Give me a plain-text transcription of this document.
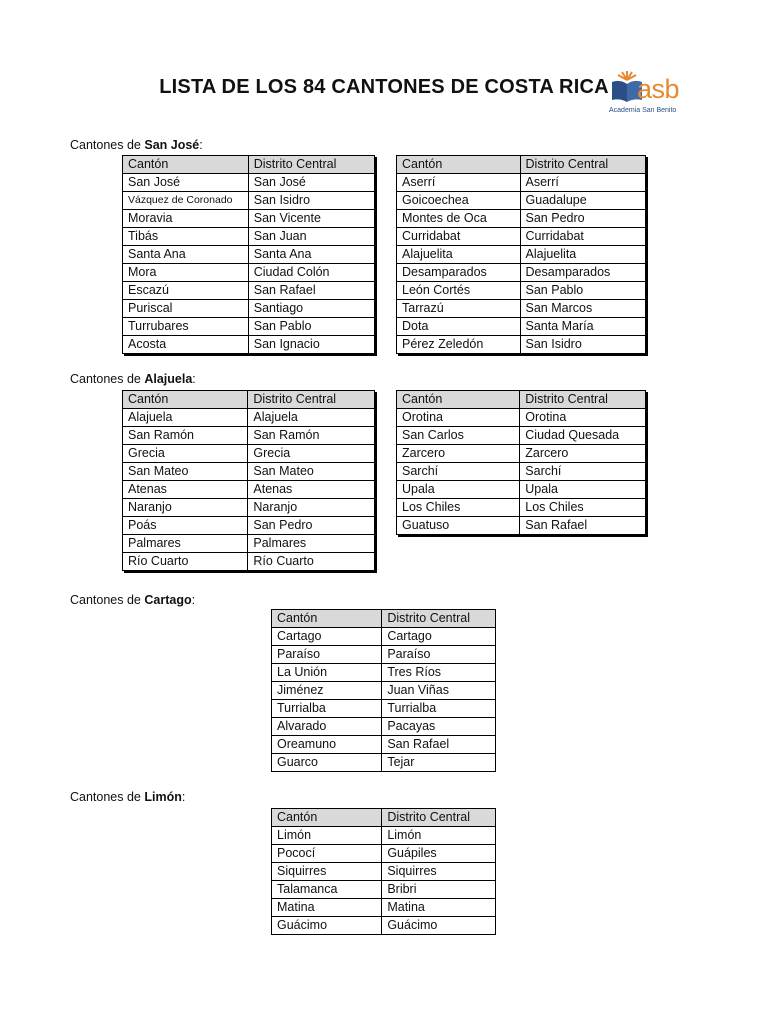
LISTA DE LOS 84 CANTONES DE COSTA RICA	asb
Academia San Benito
Cantones de San José:
Cantón	Distrito Central
San José	San José
Vázquez de Coronado	San Isidro
Moravia	San Vicente
Tibás	San Juan
Santa Ana	Santa Ana
Mora	Ciudad Colón
Escazú	San Rafael
Puriscal	Santiago
Turrubares	San Pablo
Acosta	San Ignacio
Cantón	Distrito Central
Aserrí	Aserrí
Goicoechea	Guadalupe
Montes de Oca	San Pedro
Curridabat	Curridabat
Alajuelita	Alajuelita
Desamparados	Desamparados
León Cortés	San Pablo
Tarrazú	San Marcos
Dota	Santa María
Pérez Zeledón	San Isidro
Cantones de Alajuela:
Cantón	Distrito Central
Alajuela	Alajuela
San Ramón	San Ramón
Grecia	Grecia
San Mateo	San Mateo
Atenas	Atenas
Naranjo	Naranjo
Poás	San Pedro
Palmares	Palmares
Río Cuarto	Río Cuarto
Cantón	Distrito Central
Orotina	Orotina
San Carlos	Ciudad Quesada
Zarcero	Zarcero
Sarchí	Sarchí
Upala	Upala
Los Chiles	Los Chiles
Guatuso	San Rafael
Cantones de Cartago:
Cantón	Distrito Central
Cartago	Cartago
Paraíso	Paraíso
La Unión	Tres Ríos
Jiménez	Juan Viñas
Turrialba	Turrialba
Alvarado	Pacayas
Oreamuno	San Rafael
Guarco	Tejar
Cantones de Limón:
Cantón	Distrito Central
Limón	Limón
Pococí	Guápiles
Siquirres	Siquirres
Talamanca	Bribri
Matina	Matina
Guácimo	Guácimo
